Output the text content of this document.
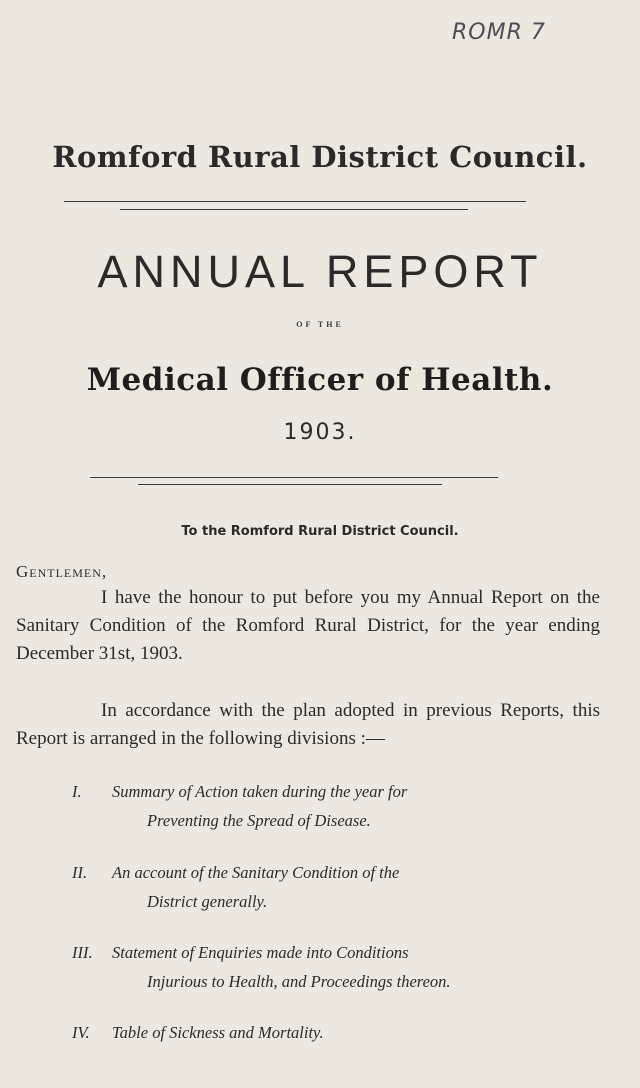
ROMR 7
Romford Rural District Council.
ANNUAL REPORT
OF THE
Medical Officer of Health.
1903.
To the Romford Rural District Council.
Gentlemen,
I have the honour to put before you my Annual Report on the Sanitary Condition of the Romford Rural District, for the year ending December 31st, 1903.
In accordance with the plan adopted in previous Reports, this Report is arranged in the following divisions :—
I. Summary of Action taken during the year for
Preventing the Spread of Disease.
II. An account of the Sanitary Condition of the
District generally.
III. Statement of Enquiries made into Conditions
Injurious to Health, and Proceedings thereon.
IV. Table of Sickness and Mortality.
